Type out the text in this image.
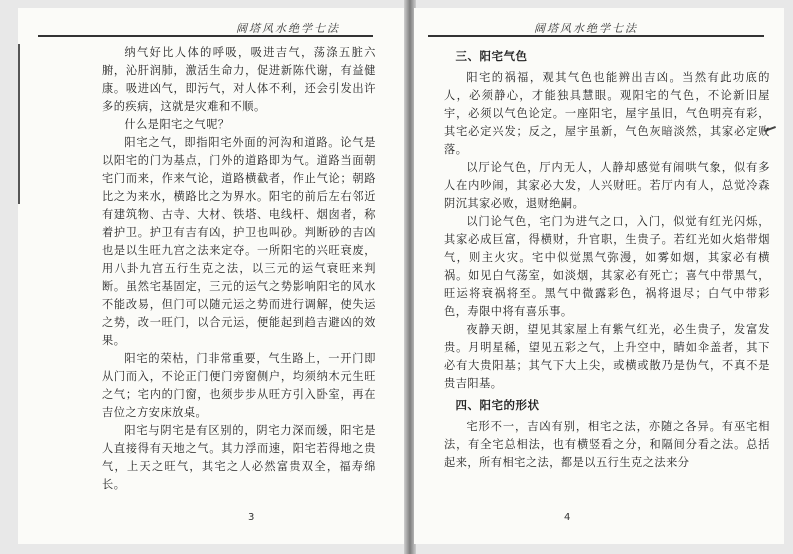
阔塔风水绝学七法

纳气好比人体的呼吸，吸进吉气，荡涤五脏六腑，沁肝润肺，激活生命力，促进新陈代谢，有益健康。吸进凶气，即污气，对人体不利，还会引发出许多的疾病，这就是灾难和不顺。

什么是阳宅之气呢？

阳宅之气，即指阳宅外面的河沟和道路。论气是以阳宅的门为基点，门外的道路即为气。道路当面朝宅门而来，作来气论，道路横截者，作止气论；朝路比之为来水，横路比之为界水。阳宅的前后左右邻近有建筑物、古寺、大材、铁塔、电线杆、烟囱者，称着护卫。护卫有吉有凶，护卫也叫砂。判断砂的吉凶也是以生旺九宫之法来定夺。一所阳宅的兴旺衰废，用八卦九宫五行生克之法，以三元的运气衰旺来判断。虽然宅基固定，三元的运气之势影响阳宅的风水不能改易，但门可以随元运之势而进行调解，使失运之势，改一旺门，以合元运，便能起到趋吉避凶的效果。

阳宅的荣枯，门非常重要，气生路上，一开门即从门而入，不论正门便门旁窗侧户，均须纳木元生旺之气；宅内的门窗，也须步步从旺方引入卧室，再在吉位之方安床放桌。

阳宅与阴宅是有区别的，阴宅力深而缓，阳宅是人直接得有天地之气。其力浮而速，阳宅若得地之贵气，上天之旺气，其宅之人必然富贵双全，福寿绵长。

3
阔塔风水绝学七法
三、阳宅气色

阳宅的祸福，观其气色也能辨出吉凶。当然有此功底的人，必须静心，才能独具慧眼。观阳宅的气色，不论新旧屋宇，必须以气色论定。一座阳宅，屋宇虽旧，气色明亮有彩，其宅必定兴发；反之，屋宇虽新，气色灰暗淡然，其家必定败落。

以厅论气色，厅内无人，人静却感觉有闹哄气象，似有多人在内吵闹，其家必大发，人兴财旺。若厅内有人，总觉冷森阴沉其家必败，退财绝嗣。

以门论气色，宅门为进气之口，入门，似觉有红光闪烁，其家必成巨富，得横财，升官职，生贵子。若红光如火焰带烟气，则主火灾。宅中似觉黑气弥漫，如雾如烟，其家必有横祸。如见白气荡室，如淡烟，其家必有死亡；喜气中带黑气，旺运将衰祸将至。黑气中微露彩色，祸将退尽；白气中带彩色，寿限中将有喜乐事。

夜静天朗，望见其家屋上有紫气红光，必生贵子，发富发贵。月明星稀，望见五彩之气，上升空中，睛如伞盖者，其下必有大贵阳基；其气下大上尖，或横或散乃是伪气，不真不是贵吉阳基。

四、阳宅的形状

宅形不一，吉凶有别，相宅之法，亦随之各异。有巫宅相法，有全宅总相法，也有横竖看之分，和隔间分看之法。总括起来，所有相宅之法，都是以五行生克之法来分

4
